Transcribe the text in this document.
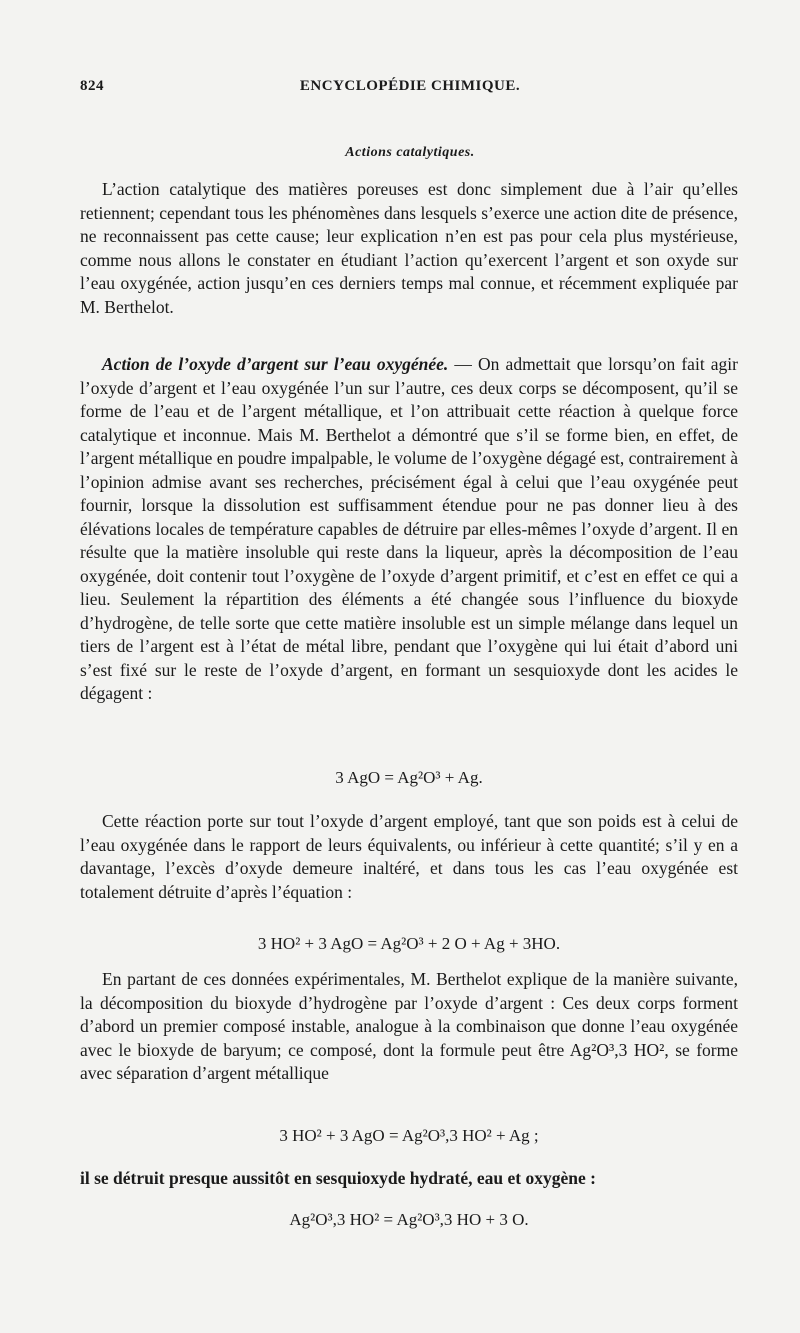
824	ENCYCLOPÉDIE CHIMIQUE.
Actions catalytiques.

L’action catalytique des matières poreuses est donc simplement due à l’air qu’elles retiennent; cependant tous les phénomènes dans lesquels s’exerce une action dite de présence, ne reconnaissent pas cette cause; leur explication n’en est pas pour cela plus mystérieuse, comme nous allons le constater en étudiant l’action qu’exercent l’argent et son oxyde sur l’eau oxygénée, action jusqu’en ces derniers temps mal connue, et récemment expliquée par M. Berthelot.

Action de l’oxyde d’argent sur l’eau oxygénée. — On admettait que lorsqu’on fait agir l’oxyde d’argent et l’eau oxygénée l’un sur l’autre, ces deux corps se décomposent, qu’il se forme de l’eau et de l’argent métallique, et l’on attribuait cette réaction à quelque force catalytique et inconnue. Mais M. Berthelot a démontré que s’il se forme bien, en effet, de l’argent métallique en poudre impalpable, le volume de l’oxygène dégagé est, contrairement à l’opinion admise avant ses recherches, précisément égal à celui que l’eau oxygénée peut fournir, lorsque la dissolution est suffisamment étendue pour ne pas donner lieu à des élévations locales de température capables de détruire par elles-mêmes l’oxyde d’argent. Il en résulte que la matière insoluble qui reste dans la liqueur, après la décomposition de l’eau oxygénée, doit contenir tout l’oxygène de l’oxyde d’argent primitif, et c’est en effet ce qui a lieu. Seulement la répartition des éléments a été changée sous l’influence du bioxyde d’hydrogène, de telle sorte que cette matière insoluble est un simple mélange dans lequel un tiers de l’argent est à l’état de métal libre, pendant que l’oxygène qui lui était d’abord uni s’est fixé sur le reste de l’oxyde d’argent, en formant un sesquioxyde dont les acides le dégagent :

3 AgO = Ag²O³ + Ag.

Cette réaction porte sur tout l’oxyde d’argent employé, tant que son poids est à celui de l’eau oxygénée dans le rapport de leurs équivalents, ou inférieur à cette quantité; s’il y en a davantage, l’excès d’oxyde demeure inaltéré, et dans tous les cas l’eau oxygénée est totalement détruite d’après l’équation :

3 HO² + 3 AgO = Ag²O³ + 2 O + Ag + 3HO.

En partant de ces données expérimentales, M. Berthelot explique de la manière suivante, la décomposition du bioxyde d’hydrogène par l’oxyde d’argent : Ces deux corps forment d’abord un premier composé instable, analogue à la combinaison que donne l’eau oxygénée avec le bioxyde de baryum; ce composé, dont la formule peut être Ag²O³,3 HO², se forme avec séparation d’argent métallique

3 HO² + 3 AgO = Ag²O³,3 HO² + Ag ;
il se détruit presque aussitôt en sesquioxyde hydraté, eau et oxygène :
Ag²O³,3 HO² = Ag²O³,3 HO + 3 O.
